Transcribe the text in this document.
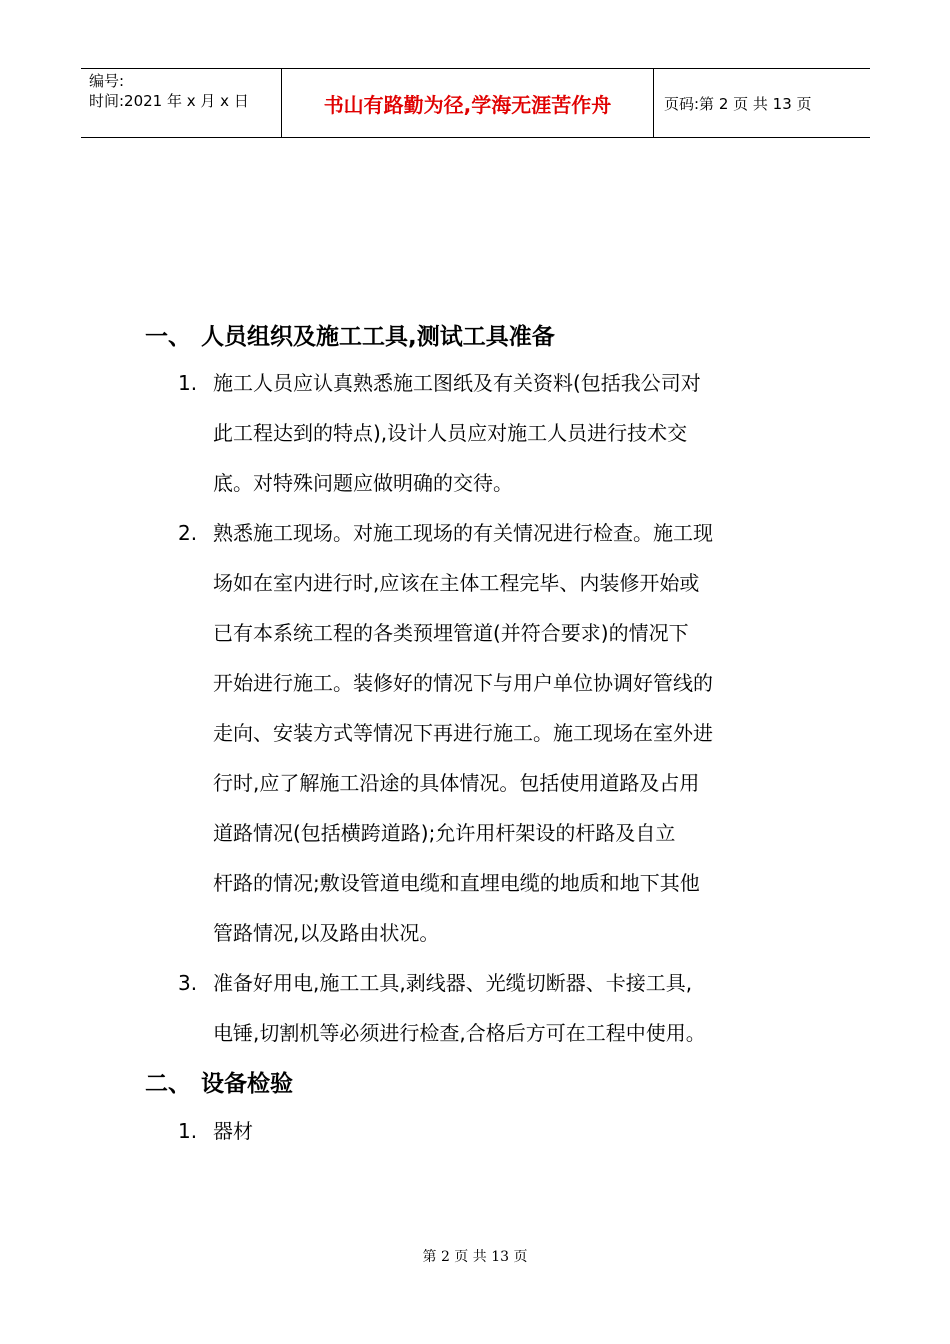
编号:
时间:2021 年 x 月 x 日	书山有路勤为径,学海无涯苦作舟	页码:第 2 页 共 13 页
一、 人员组织及施工工具,测试工具准备
1. 施工人员应认真熟悉施工图纸及有关资料(包括我公司对
此工程达到的特点),设计人员应对施工人员进行技术交
底。对特殊问题应做明确的交待。
2. 熟悉施工现场。对施工现场的有关情况进行检查。施工现
场如在室内进行时,应该在主体工程完毕、内装修开始或
已有本系统工程的各类预埋管道(并符合要求)的情况下
开始进行施工。装修好的情况下与用户单位协调好管线的
走向、安装方式等情况下再进行施工。施工现场在室外进
行时,应了解施工沿途的具体情况。包括使用道路及占用
道路情况(包括横跨道路);允许用杆架设的杆路及自立
杆路的情况;敷设管道电缆和直埋电缆的地质和地下其他
管路情况,以及路由状况。
3. 准备好用电,施工工具,剥线器、光缆切断器、卡接工具,
电锤,切割机等必须进行检查,合格后方可在工程中使用。
二、 设备检验
1. 器材
第 2 页 共 13 页
